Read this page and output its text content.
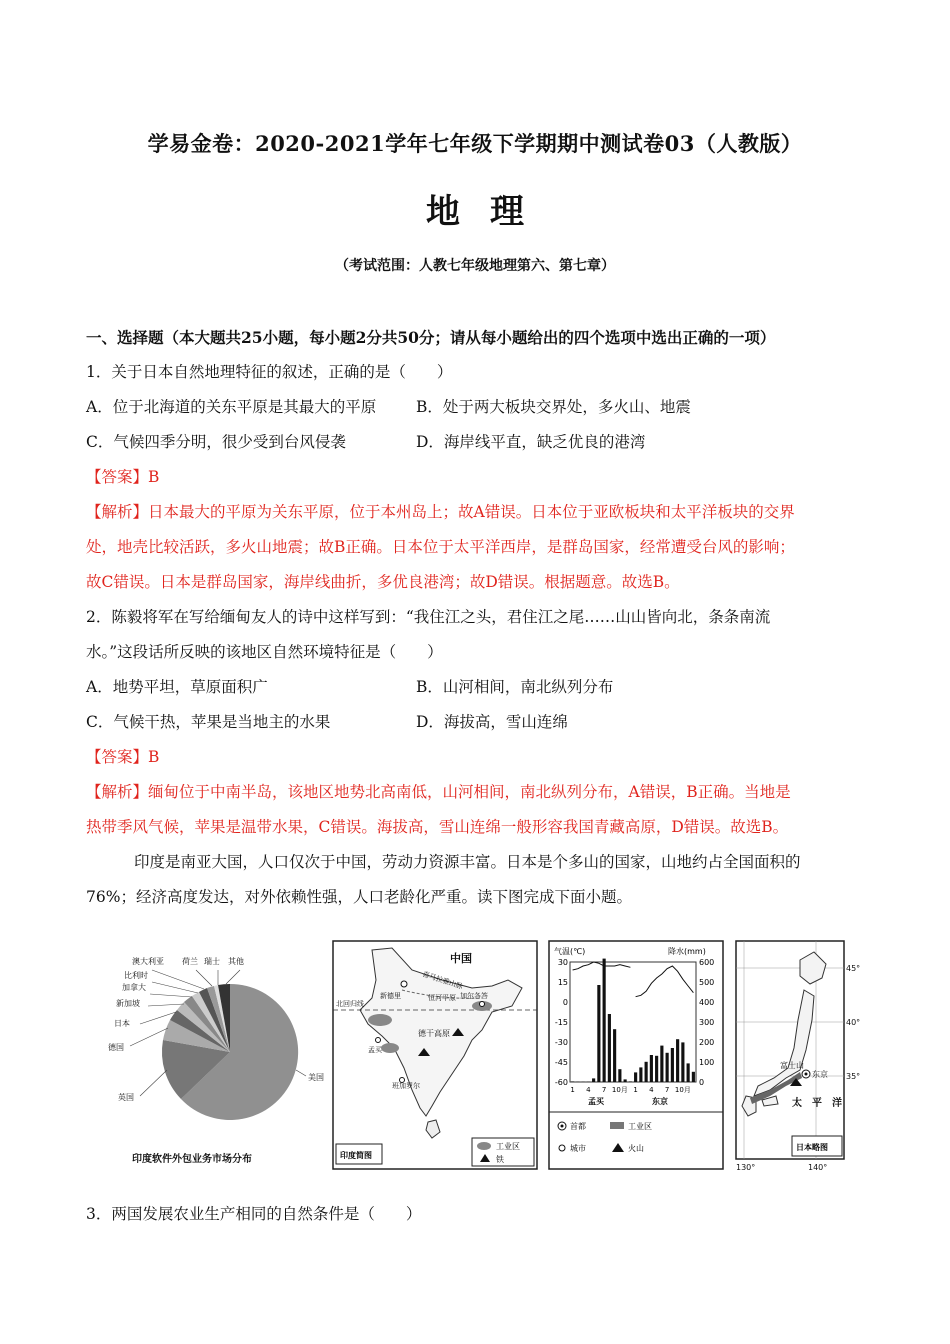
学易金卷：2020-2021学年七年级下学期期中测试卷03（人教版）
地理
（考试范围：人教七年级地理第六、第七章）
一、选择题（本大题共25小题，每小题2分共50分；请从每小题给出的四个选项中选出正确的一项）
1．关于日本自然地理特征的叙述，正确的是（　　）
A．位于北海道的关东平原是其最大的平原	B．处于两大板块交界处，多火山、地震
C．气候四季分明，很少受到台风侵袭	D．海岸线平直，缺乏优良的港湾
【答案】B
【解析】日本最大的平原为关东平原，位于本州岛上；故A错误。日本位于亚欧板块和太平洋板块的交界
处，地壳比较活跃，多火山地震；故B正确。日本位于太平洋西岸，是群岛国家，经常遭受台风的影响；
故C错误。日本是群岛国家，海岸线曲折，多优良港湾；故D错误。根据题意。故选B。
2．陈毅将军在写给缅甸友人的诗中这样写到：“我住江之头，君住江之尾……山山皆向北，条条南流
水。”这段话所反映的该地区自然环境特征是（　　）
A．地势平坦，草原面积广	B．山河相间，南北纵列分布
C．气候干热，苹果是当地主的水果	D．海拔高，雪山连绵
【答案】B
【解析】缅甸位于中南半岛，该地区地势北高南低，山河相间，南北纵列分布，A错误，B正确。当地是
热带季风气候，苹果是温带水果，C错误。海拔高，雪山连绵一般形容我国青藏高原，D错误。故选B。
印度是南亚大国，人口仅次于中国，劳动力资源丰富。日本是个多山的国家，山地约占全国面积的
76%；经济高度发达，对外依赖性强，人口老龄化严重。读下图完成下面小题。
澳大利亚
比利时
加拿大
新加坡
日本
德国
英国
美国
荷兰 瑞士 其他
印度软件外包业务市场分布
中国
喜马拉雅山脉
新德里	恒河平原 加尔各答
北回归线
德干高原
孟买
班加罗尔
印度简图
工业区
铁
气温(℃)	降水(mm)
30
15
0
-15
-30
-45
-60
600
500
400
300
200
100
0
1 4 7 10月 1 4 7 10月
孟买	东京
首都	工业区
城市	火山
45°
40°
35°
130°	140°
富士山
东京
太　平　洋
日本略图
3．两国发展农业生产相同的自然条件是（　　）
